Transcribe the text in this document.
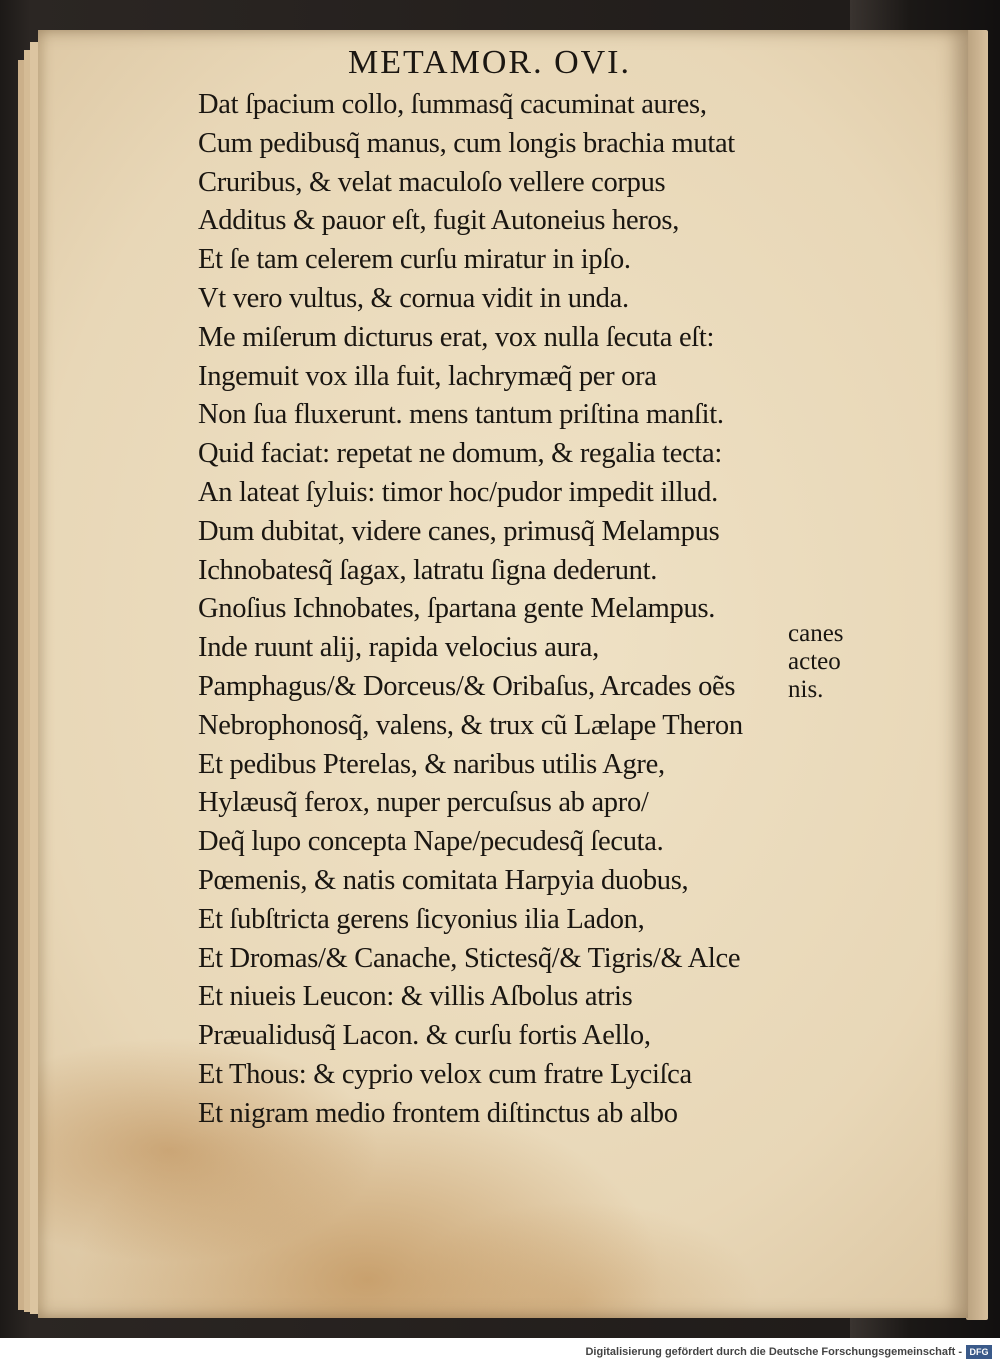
METAMOR. OVI.
Dat ſpacium collo, ſummasq̃ cacuminat aures,
Cum pedibusq̃ manus, cum longis brachia mutat
Cruribus, & velat maculoſo vellere corpus
Additus & pauor eſt, fugit Autoneius heros,
Et ſe tam celerem curſu miratur in ipſo.
Vt vero vultus, & cornua vidit in unda.
Me miſerum dicturus erat, vox nulla ſecuta eſt:
Ingemuit vox illa fuit, lachrymæq̃ per ora
Non ſua fluxerunt. mens tantum priſtina manſit.
Quid faciat: repetat ne domum, & regalia tecta:
An lateat ſyluis: timor hoc/pudor impedit illud.
Dum dubitat, videre canes, primusq̃ Melampus
Ichnobatesq̃ ſagax, latratu ſigna dederunt.
Gnoſius Ichnobates, ſpartana gente Melampus.
Inde ruunt alij, rapida velocius aura,
Pamphagus/& Dorceus/& Oribaſus, Arcades oẽs
Nebrophonosq̃, valens, & trux cũ Lælape Theron
Et pedibus Pterelas, & naribus utilis Agre,
Hylæusq̃ ferox, nuper percuſsus ab apro/
Deq̃ lupo concepta Nape/pecudesq̃ ſecuta.
Pœmenis, & natis comitata Harpyia duobus,
Et ſubſtricta gerens ſicyonius ilia Ladon,
Et Dromas/& Canache, Stictesq̃/& Tigris/& Alce
Et niueis Leucon: & villis Aſbolus atris
Præualidusq̃ Lacon. & curſu fortis Aello,
Et Thous: & cyprio velox cum fratre Lyciſca
Et nigram medio frontem diſtinctus ab albo
canes
acteo
nis.
Digitalisierung gefördert durch die Deutsche Forschungsgemeinschaft - DFG
